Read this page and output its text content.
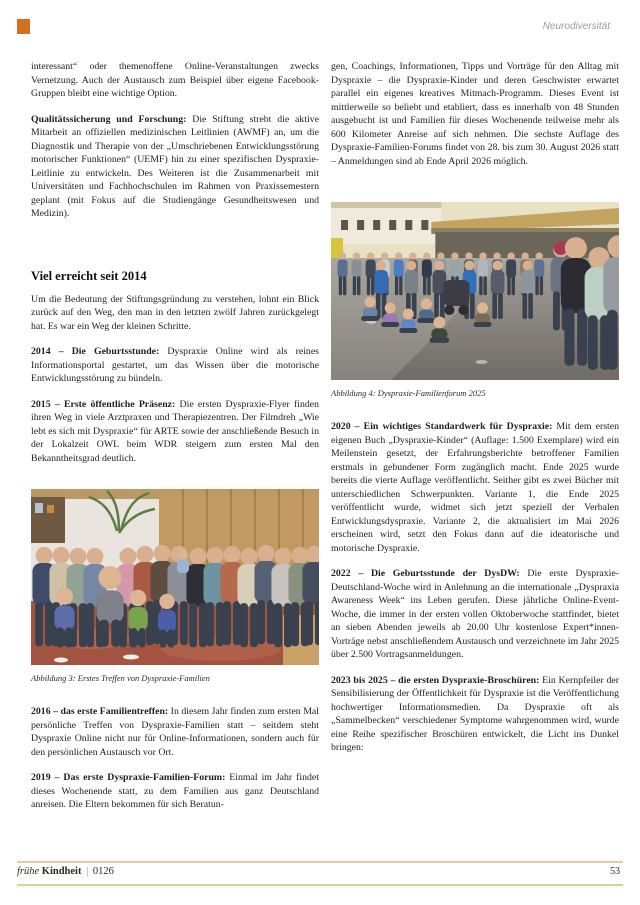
Neurodiversität

interessant“ oder themenoffene Online-Veranstaltungen zwecks Vernetzung. Auch der Austausch zum Beispiel über eigene Facebook-Gruppen bleibt eine wichtige Option.

Qualitätssicherung und Forschung: Die Stiftung strebt die aktive Mitarbeit an offiziellen medizinischen Leitlinien (AWMF) an, um die Diagnostik und Therapie von der „Umschriebenen Entwicklungsstörung motorischer Funktionen“ (UEMF) hin zu einer spezifischen Dyspraxie-Leitlinie zu entwickeln. Des Weiteren ist die Zusammenarbeit mit Universitäten und Fachhochschulen im Rahmen von Praxissemestern geplant (mit Fokus auf die Studiengänge Gesundheitswesen und Medizin).

Viel erreicht seit 2014

Um die Bedeutung der Stiftungsgründung zu verstehen, lohnt ein Blick zurück auf den Weg, den man in den letzten zwölf Jahren zurückgelegt hat. Es war ein Weg der kleinen Schritte.

2014 – Die Geburtsstunde: Dyspraxie Online wird als reines Informationsportal gestartet, um das Wissen über die motorische Entwicklungsstörung zu bündeln.

2015 – Erste öffentliche Präsenz: Die ersten Dyspraxie-Flyer finden ihren Weg in viele Arztpraxen und Therapiezentren. Der Filmdreh „Wie lebt es sich mit Dyspraxie“ für ARTE sowie der anschließende Besuch in der Lokalzeit OWL beim WDR steigern zum ersten Mal den Bekanntheitsgrad deutlich.

Abbildung 3: Erstes Treffen von Dyspraxie-Familien

2016 – das erste Familientreffen: In diesem Jahr finden zum ersten Mal persönliche Treffen von Dyspraxie-Familien statt – seitdem steht Dyspraxie Online nicht nur für Online-Informationen, sondern auch für den persönlichen Austausch vor Ort.

2019 – Das erste Dyspraxie-Familien-Forum: Einmal im Jahr findet dieses Wochenende statt, zu dem Familien aus ganz Deutschland anreisen. Die Eltern bekommen für sich Beratun-

gen, Coachings, Informationen, Tipps und Vorträge für den Alltag mit Dyspraxie – die Dyspraxie-Kinder und deren Geschwister erwartet parallel ein eigenes kreatives Mitmach-Programm. Dieses Event ist mittlerweile so beliebt und etabliert, dass es innerhalb von 48 Stunden ausgebucht ist und Familien für dieses Wochenende teilweise mehr als 600 Kilometer Anreise auf sich nehmen. Die sechste Auflage des Dyspraxie-Familien-Forums findet von 28. bis zum 30. August 2026 statt – Anmeldungen sind ab Ende April 2026 möglich.

Abbildung 4: Dyspraxie-Familienforum 2025

2020 – Ein wichtiges Standardwerk für Dyspraxie: Mit dem ersten eigenen Buch „Dyspraxie-Kinder“ (Auflage: 1.500 Exemplare) wird ein Meilenstein gesetzt, der Erfahrungsberichte betroffener Familien erstmals in gebundener Form zugänglich macht. Ende 2025 wurde bereits die vierte Auflage veröffentlicht. Seither gibt es zwei Bücher mit unterschiedlichen Schwerpunkten. Variante 1, die Ende 2025 veröffentlicht wurde, widmet sich jetzt speziell der Verbalen Entwicklungsdyspraxie. Variante 2, die aktualisiert im Mai 2026 erscheinen wird, setzt den Fokus dann auf die ideatorische und motorische Dyspraxie.

2022 – Die Geburtsstunde der DysDW: Die erste Dyspraxie-Deutschland-Woche wird in Anlehnung an die internationale „Dyspraxia Awareness Week“ ins Leben gerufen. Diese jährliche Online-Event-Woche, die immer in der ersten vollen Oktoberwoche stattfindet, bietet an sieben Abenden jeweils ab 20.00 Uhr kostenlose Expert*innen-Vorträge nebst anschließendem Austausch und verzeichnete im Jahr 2025 über 2.500 Vortragsanmeldungen.

2023 bis 2025 – die ersten Dyspraxie-Broschüren: Ein Kernpfeiler der Sensibilisierung der Öffentlichkeit für Dyspraxie ist die Veröffentlichung hochwertiger Informationsmedien. Da Dyspraxie oft als „Sammelbecken“ verschiedener Symptome wahrgenommen wird, wurde eine Reihe spezifischer Broschüren entwickelt, die Licht ins Dunkel bringen:

frühe Kindheit | 0126	53
